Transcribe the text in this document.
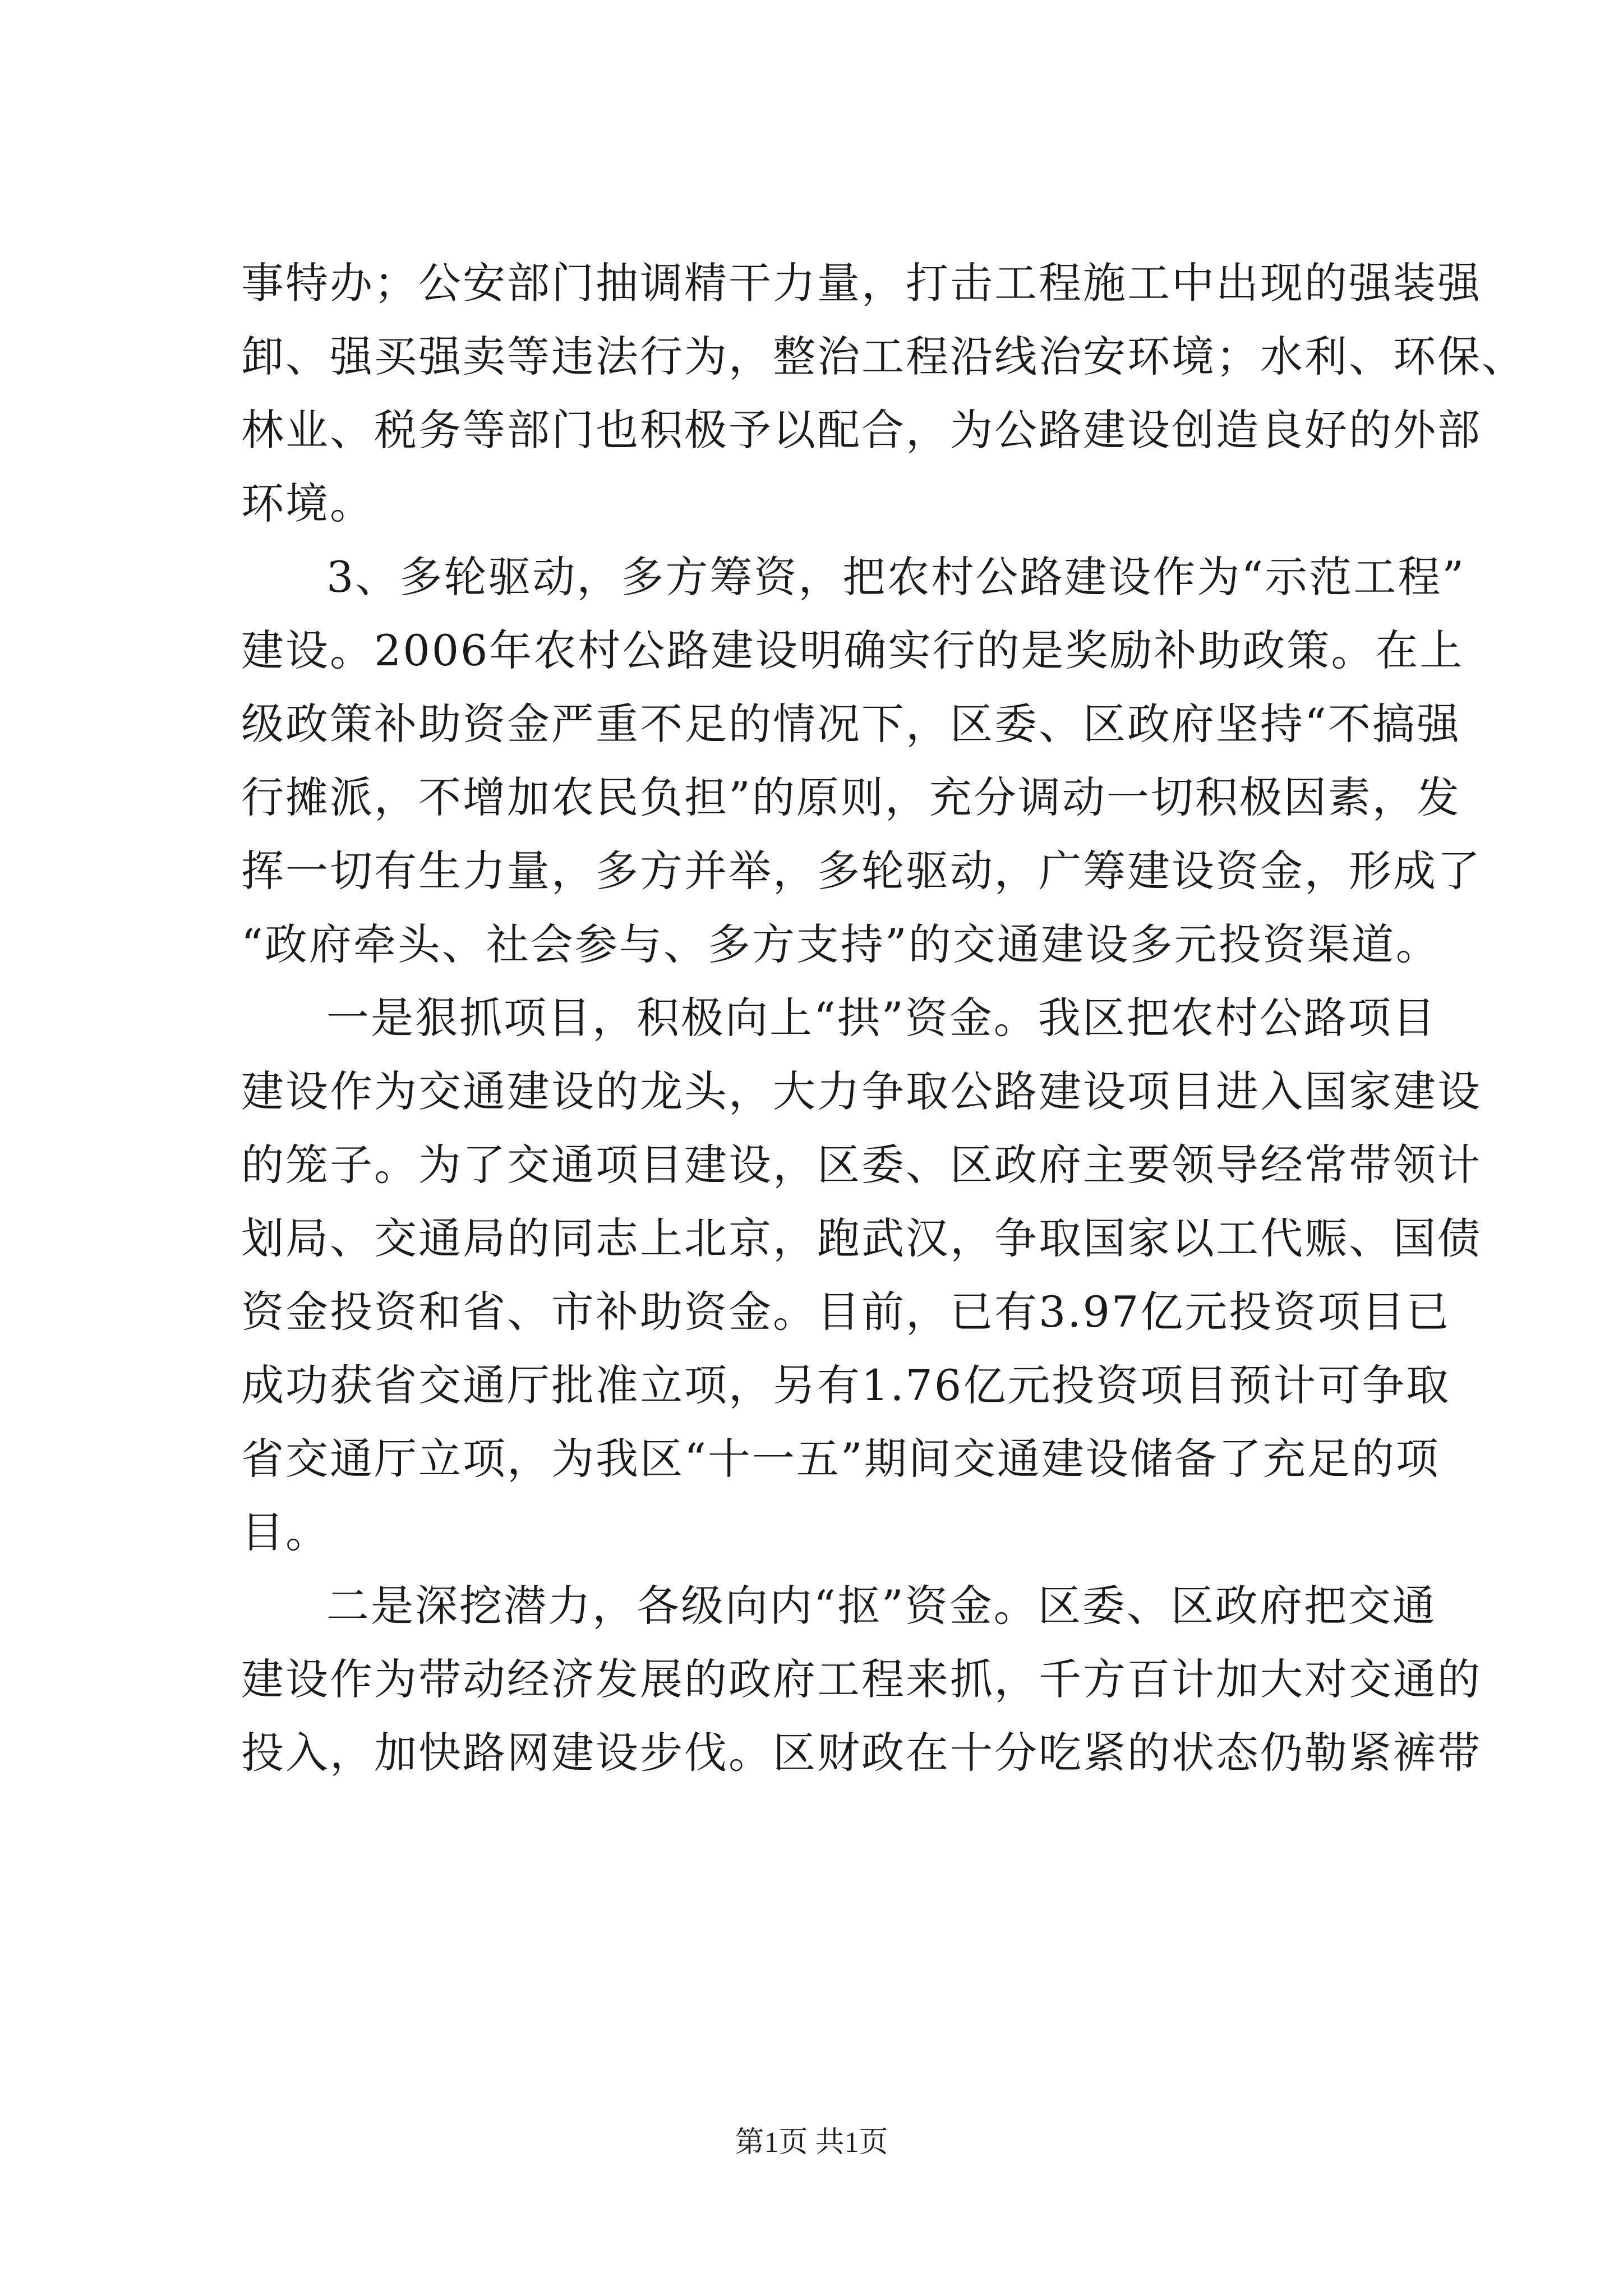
事特办；公安部门抽调精干力量，打击工程施工中出现的强装强
卸、强买强卖等违法行为，整治工程沿线治安环境；水利、环保、
林业、税务等部门也积极予以配合，为公路建设创造良好的外部
环境。
3、多轮驱动，多方筹资，把农村公路建设作为“示范工程”
建设。2006年农村公路建设明确实行的是奖励补助政策。在上
级政策补助资金严重不足的情况下，区委、区政府坚持“不搞强
行摊派，不增加农民负担”的原则，充分调动一切积极因素，发
挥一切有生力量，多方并举，多轮驱动，广筹建设资金，形成了
“政府牵头、社会参与、多方支持”的交通建设多元投资渠道。
一是狠抓项目，积极向上“拱”资金。我区把农村公路项目
建设作为交通建设的龙头，大力争取公路建设项目进入国家建设
的笼子。为了交通项目建设，区委、区政府主要领导经常带领计
划局、交通局的同志上北京，跑武汉，争取国家以工代赈、国债
资金投资和省、市补助资金。目前，已有3.97亿元投资项目已
成功获省交通厅批准立项，另有1.76亿元投资项目预计可争取
省交通厅立项，为我区“十一五”期间交通建设储备了充足的项
目。
二是深挖潜力，各级向内“抠”资金。区委、区政府把交通
建设作为带动经济发展的政府工程来抓，千方百计加大对交通的
投入，加快路网建设步伐。区财政在十分吃紧的状态仍勒紧裤带
第1页 共1页
